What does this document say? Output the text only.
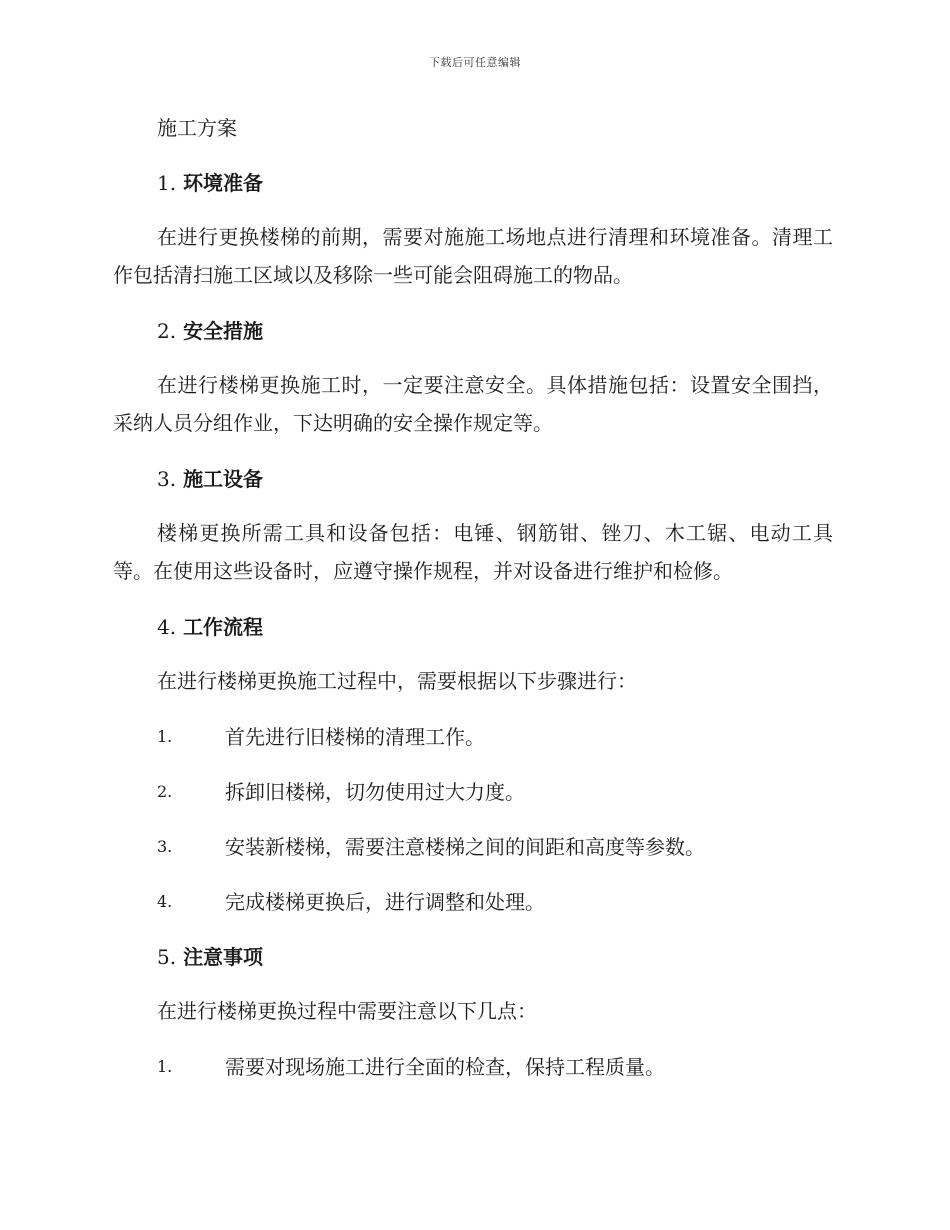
下载后可任意编辑
施工方案
1. 环境准备
在进行更换楼梯的前期，需要对施施工场地点进行清理和环境准备。清理工作包括清扫施工区域以及移除一些可能会阻碍施工的物品。
2. 安全措施
在进行楼梯更换施工时，一定要注意安全。具体措施包括：设置安全围挡，采纳人员分组作业，下达明确的安全操作规定等。
3. 施工设备
楼梯更换所需工具和设备包括：电锤、钢筋钳、锉刀、木工锯、电动工具等。在使用这些设备时，应遵守操作规程，并对设备进行维护和检修。
4. 工作流程
在进行楼梯更换施工过程中，需要根据以下步骤进行：
1.	首先进行旧楼梯的清理工作。
2.	拆卸旧楼梯，切勿使用过大力度。
3.	安装新楼梯，需要注意楼梯之间的间距和高度等参数。
4.	完成楼梯更换后，进行调整和处理。
5. 注意事项
在进行楼梯更换过程中需要注意以下几点：
1.	需要对现场施工进行全面的检查，保持工程质量。
